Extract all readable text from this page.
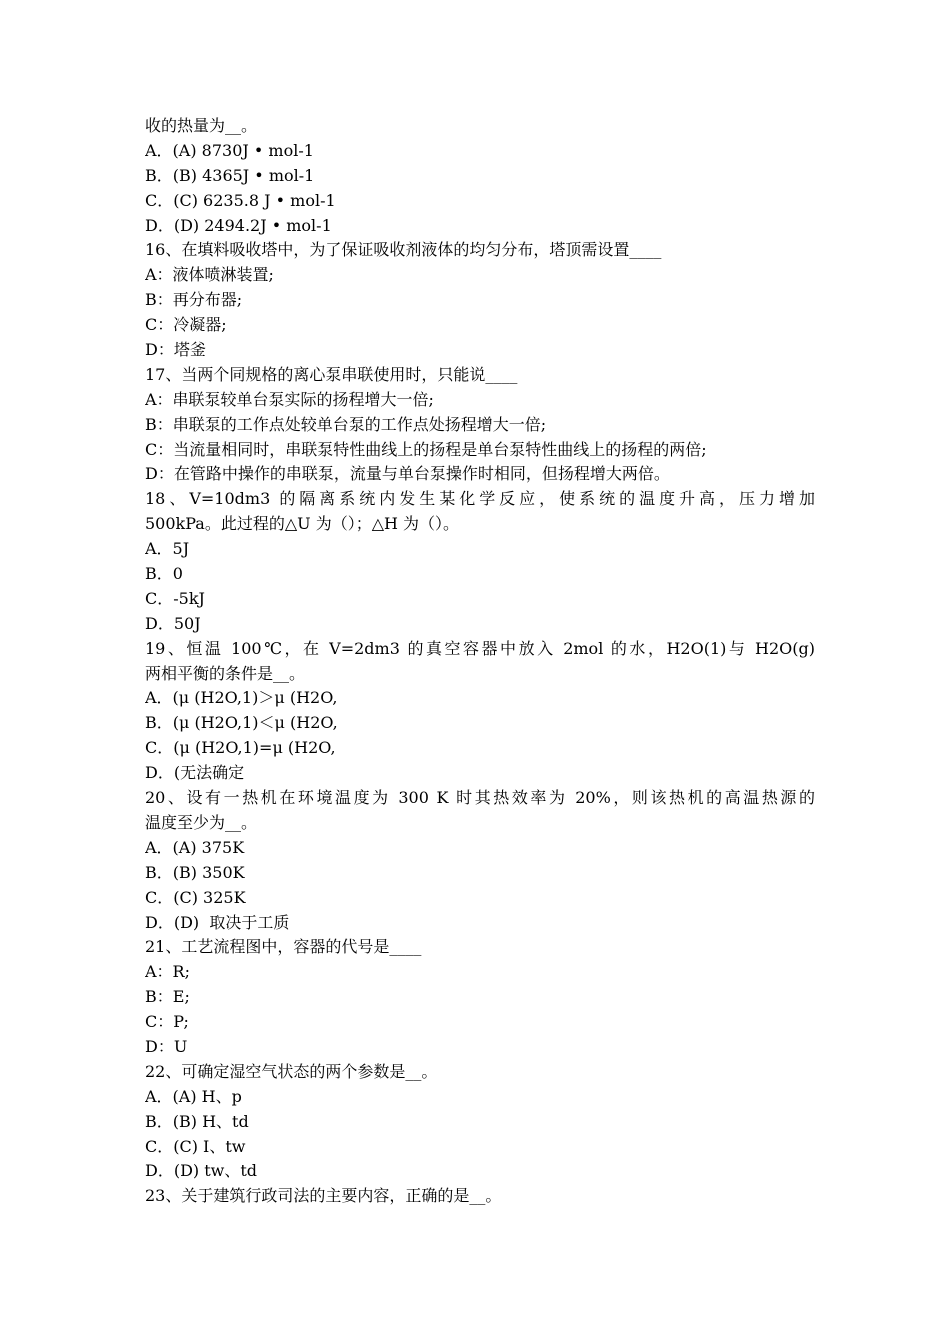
收的热量为__。
A．(A) 8730J • mol-1
B．(B) 4365J • mol-1
C．(C) 6235.8 J • mol-1
D．(D) 2494.2J • mol-1
16、在填料吸收塔中，为了保证吸收剂液体的均匀分布，塔顶需设置____
A：液体喷淋装置;
B：再分布器;
C：冷凝器;
D：塔釜
17、当两个同规格的离心泵串联使用时，只能说____
A：串联泵较单台泵实际的扬程增大一倍;
B：串联泵的工作点处较单台泵的工作点处扬程增大一倍;
C：当流量相同时，串联泵特性曲线上的扬程是单台泵特性曲线上的扬程的两倍;
D：在管路中操作的串联泵，流量与单台泵操作时相同，但扬程增大两倍。
18、V=10dm3 的隔离系统内发生某化学反应，使系统的温度升高，压力增加
500kPa。此过程的△U 为（）；△H 为（）。
A．5J
B．0
C．-5kJ
D．50J
19、恒温 100℃，在 V=2dm3 的真空容器中放入 2mol 的水，H2O(1)与 H2O(g)
两相平衡的条件是__。
A．(μ (H2O,1)＞μ (H2O,
B．(μ (H2O,1)＜μ (H2O,
C．(μ (H2O,1)=μ (H2O,
D．(无法确定
20、设有一热机在环境温度为 300 K 时其热效率为 20%，则该热机的高温热源的
温度至少为__。
A．(A) 375K
B．(B) 350K
C．(C) 325K
D．(D)  取决于工质
21、工艺流程图中，容器的代号是____
A：R;
B：E;
C：P;
D：U
22、可确定湿空气状态的两个参数是__。
A．(A) H、p
B．(B) H、td
C．(C) I、tw
D．(D) tw、td
23、关于建筑行政司法的主要内容，正确的是__。
